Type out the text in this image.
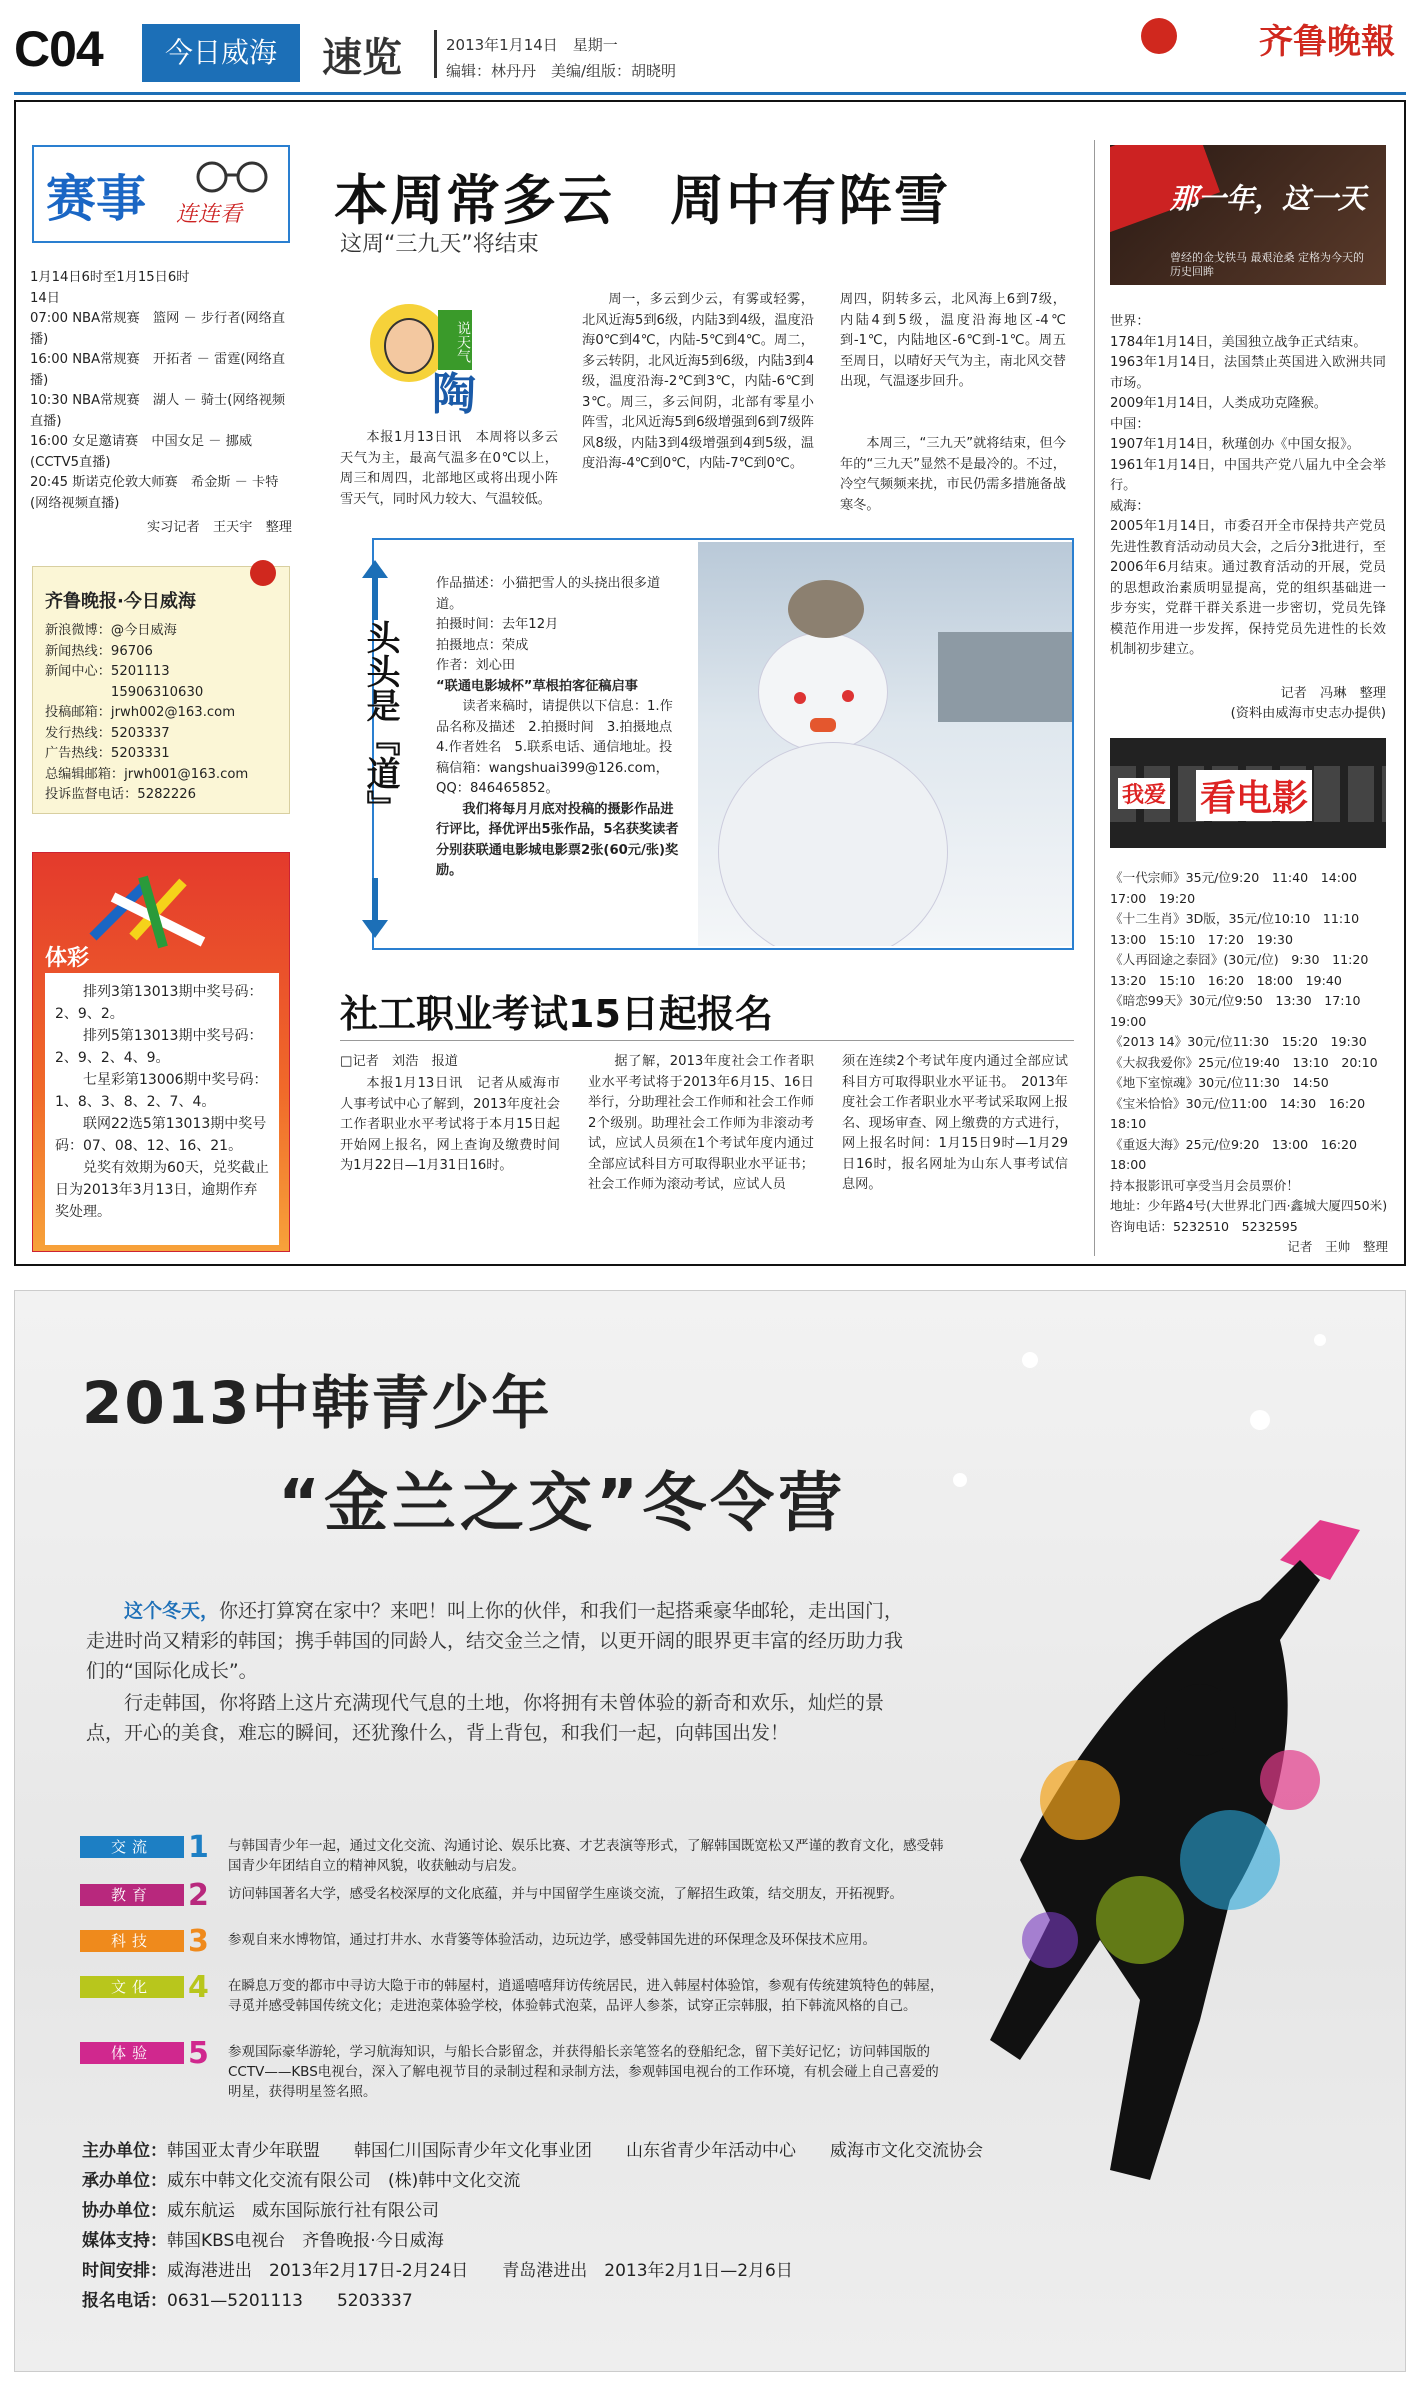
C04	今日威海	速览	2013年1月14日　星期一
编辑：林丹丹　美编/组版：胡晓明
齐鲁晚報
赛事 连连看
1月14日6时至1月15日6时
14日
07:00 NBA常规赛　篮网 － 步行者(网络直播)
16:00 NBA常规赛　开拓者 － 雷霆(网络直播)
10:30 NBA常规赛　湖人 － 骑士(网络视频直播)
16:00 女足邀请赛　中国女足 － 挪威(CCTV5直播)
20:45 斯诺克伦敦大师赛　希金斯 － 卡特(网络视频直播)
实习记者　王天宇　整理
齐鲁晚报·今日威海
新浪微博：@今日威海
新闻热线：96706
新闻中心：5201113
　　　　　15906310630
投稿邮箱：jrwh002@163.com
发行热线：5203337
广告热线：5203331
总编辑邮箱：jrwh001@163.com
投诉监督电话：5282226
体彩
排列3第13013期中奖号码：2、9、2。
排列5第13013期中奖号码：2、9、2、4、9。
七星彩第13006期中奖号码：1、8、3、8、2、7、4。
联网22选5第13013期中奖号码：07、08、12、16、21。
兑奖有效期为60天，兑奖截止日为2013年3月13日，逾期作弃奖处理。
本周常多云　周中有阵雪
这周“三九天”将结束
说天气
陶
本报1月13日讯　本周将以多云天气为主，最高气温多在0℃以上，周三和周四，北部地区或将出现小阵雪天气，同时风力较大、气温较低。
周一，多云到少云，有雾或轻雾，北风近海5到6级，内陆3到4级，温度沿海0℃到4℃，内陆-5℃到4℃。周二，多云转阴，北风近海5到6级，内陆3到4级，温度沿海-2℃到3℃，内陆-6℃到3℃。周三，多云间阴，北部有零星小阵雪，北风近海5到6级增强到6到7级阵风8级，内陆3到4级增强到4到5级，温度沿海-4℃到0℃，内陆-7℃到0℃。
周四，阴转多云，北风海上6到7级，内陆4到5级，温度沿海地区-4℃到-1℃，内陆地区-6℃到-1℃。周五至周日，以晴好天气为主，南北风交替出现，气温逐步回升。
本周三，“三九天”就将结束，但今年的“三九天”显然不是最冷的。不过，冷空气频频来扰，市民仍需多措施备战寒冬。
头头是『道』
作品描述：小猫把雪人的头挠出很多道道。
拍摄时间：去年12月
拍摄地点：荣成
作者：刘心田
“联通电影城杯”草根拍客征稿启事
读者来稿时，请提供以下信息：1.作品名称及描述　2.拍摄时间　3.拍摄地点　4.作者姓名　5.联系电话、通信地址。投稿信箱：wangshuai399@126.com，QQ：846465852。
我们将每月月底对投稿的摄影作品进行评比，择优评出5张作品，5名获奖读者分别获联通电影城电影票2张(60元/张)奖励。
社工职业考试15日起报名
□记者　刘浩　报道
本报1月13日讯　记者从威海市人事考试中心了解到，2013年度社会工作者职业水平考试将于本月15日起开始网上报名，网上查询及缴费时间为1月22日—1月31日16时。
据了解，2013年度社会工作者职业水平考试将于2013年6月15、16日举行，分助理社会工作师和社会工作师2个级别。助理社会工作师为非滚动考试，应试人员须在1个考试年度内通过全部应试科目方可取得职业水平证书；社会工作师为滚动考试，应试人员
须在连续2个考试年度内通过全部应试科目方可取得职业水平证书。　2013年度社会工作者职业水平考试采取网上报名、现场审查、网上缴费的方式进行，网上报名时间：1月15日9时—1月29日16时，报名网址为山东人事考试信息网。
那一年，这一天
曾经的金戈铁马 最艰沧桑 定格为今天的历史回眸
世界：
1784年1月14日，美国独立战争正式结束。
1963年1月14日，法国禁止英国进入欧洲共同市场。
2009年1月14日，人类成功克隆猴。
中国：
1907年1月14日，秋瑾创办《中国女报》。
1961年1月14日，中国共产党八届九中全会举行。
威海：
2005年1月14日，市委召开全市保持共产党员先进性教育活动动员大会，之后分3批进行，至2006年6月结束。通过教育活动的开展，党员的思想政治素质明显提高，党的组织基础进一步夯实，党群干群关系进一步密切，党员先锋模范作用进一步发挥，保持党员先进性的长效机制初步建立。
记者　冯琳　整理
(资料由威海市史志办提供)
我爱 看电影
《一代宗师》35元/位9:20　11:40　14:00　17:00　19:20
《十二生肖》3D版，35元/位10:10　11:10　13:00　15:10　17:20　19:30
《人再囧途之泰囧》(30元/位)　9:30　11:20　13:20　15:10　16:20　18:00　19:40
《暗恋99天》30元/位9:50　13:30　17:10　19:00
《2013 14》30元/位11:30　15:20　19:30
《大叔我爱你》25元/位19:40　13:10　20:10
《地下室惊魂》30元/位11:30　14:50
《宝米恰恰》30元/位11:00　14:30　16:20　18:10
《重返大海》25元/位9:20　13:00　16:20　18:00
持本报影讯可享受当月会员票价！
地址：少年路4号(大世界北门西·鑫城大厦四50米)
咨询电话：5232510　5232595
记者　王帅　整理
2013中韩青少年
“金兰之交”冬令营
这个冬天，你还打算窝在家中？来吧！叫上你的伙伴，和我们一起搭乘豪华邮轮，走出国门，走进时尚又精彩的韩国；携手韩国的同龄人，结交金兰之情，以更开阔的眼界更丰富的经历助力我们的“国际化成长”。
行走韩国，你将踏上这片充满现代气息的土地，你将拥有未曾体验的新奇和欢乐，灿烂的景点，开心的美食，难忘的瞬间，还犹豫什么，背上背包，和我们一起，向韩国出发！
交流	1 与韩国青少年一起，通过文化交流、沟通讨论、娱乐比赛、才艺表演等形式，了解韩国既宽松又严谨的教育文化，感受韩国青少年团结自立的精神风貌，收获触动与启发。
教育	2 访问韩国著名大学，感受名校深厚的文化底蕴，并与中国留学生座谈交流，了解招生政策，结交朋友，开拓视野。
科技	3 参观自来水博物馆，通过打井水、水背篓等体验活动，边玩边学，感受韩国先进的环保理念及环保技术应用。
文化	4 在瞬息万变的都市中寻访大隐于市的韩屋村，逍遥嘻嘻拜访传统居民，进入韩屋村体验馆，参观有传统建筑特色的韩屋，寻觅并感受韩国传统文化；走进泡菜体验学校，体验韩式泡菜，品评人参茶，试穿正宗韩服，拍下韩流风格的自己。
体验	5 参观国际豪华游轮，学习航海知识，与船长合影留念，并获得船长亲笔签名的登船纪念，留下美好记忆；访问韩国版的CCTV——KBS电视台，深入了解电视节目的录制过程和录制方法，参观韩国电视台的工作环境，有机会碰上自己喜爱的明星，获得明星签名照。
主办单位：韩国亚太青少年联盟　　韩国仁川国际青少年文化事业团　　山东省青少年活动中心　　威海市文化交流协会
承办单位：威东中韩文化交流有限公司　(株)韩中文化交流
协办单位：威东航运　威东国际旅行社有限公司
媒体支持：韩国KBS电视台　齐鲁晚报·今日威海
时间安排：威海港进出　2013年2月17日-2月24日　　青岛港进出　2013年2月1日—2月6日
报名电话：0631—5201113　　5203337
